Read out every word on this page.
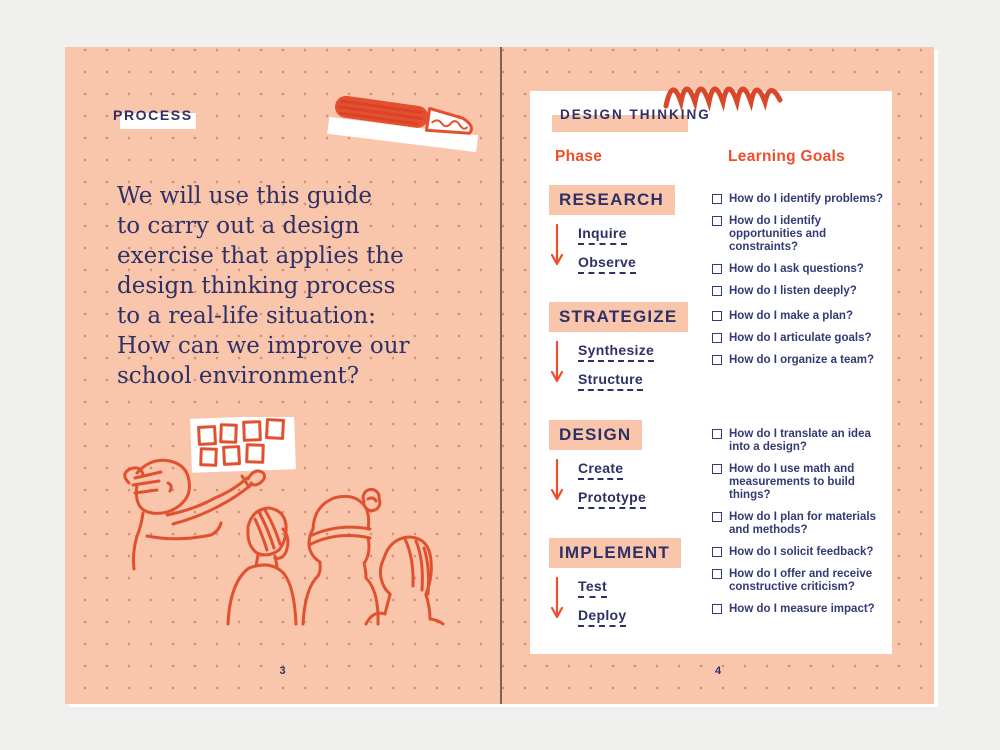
PROCESS
We will use this guide
to carry out a design
exercise that applies the
design thinking process
to a real-life situation:
How can we improve our
school environment?
3
DESIGN THINKING
Phase	Learning Goals
RESEARCH
Inquire
Observe
How do I identify problems?
How do I identify opportunities and constraints?
How do I ask questions?
How do I listen deeply?
STRATEGIZE
Synthesize
Structure
How do I make a plan?
How do I articulate goals?
How do I organize a team?
DESIGN
Create
Prototype
How do I translate an idea into a design?
How do I use math and measurements to build things?
How do I plan for materials and methods?
IMPLEMENT
Test
Deploy
How do I solicit feedback?
How do I offer and receive constructive criticism?
How do I measure impact?
4
